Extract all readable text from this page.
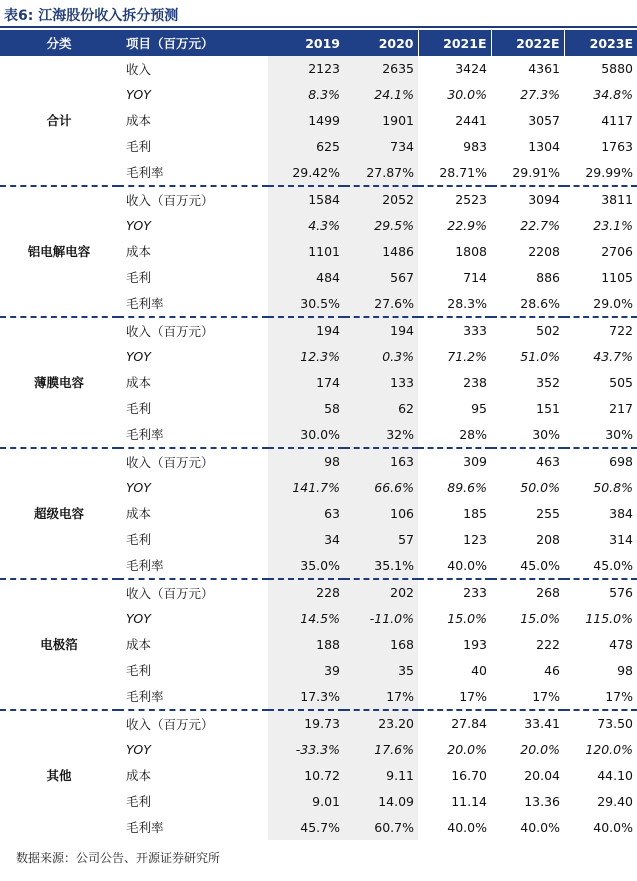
表6: 江海股份收入拆分预测
分类	项目（百万元）	2019	2020	2021E	2022E	2023E
合计	收入	2123	2635	3424	4361	5880
	YOY	8.3%	24.1%	30.0%	27.3%	34.8%
	成本	1499	1901	2441	3057	4117
	毛利	625	734	983	1304	1763
	毛利率	29.42%	27.87%	28.71%	29.91%	29.99%
铝电解电容	收入（百万元）	1584	2052	2523	3094	3811
	YOY	4.3%	29.5%	22.9%	22.7%	23.1%
	成本	1101	1486	1808	2208	2706
	毛利	484	567	714	886	1105
	毛利率	30.5%	27.6%	28.3%	28.6%	29.0%
薄膜电容	收入（百万元）	194	194	333	502	722
	YOY	12.3%	0.3%	71.2%	51.0%	43.7%
	成本	174	133	238	352	505
	毛利	58	62	95	151	217
	毛利率	30.0%	32%	28%	30%	30%
超级电容	收入（百万元）	98	163	309	463	698
	YOY	141.7%	66.6%	89.6%	50.0%	50.8%
	成本	63	106	185	255	384
	毛利	34	57	123	208	314
	毛利率	35.0%	35.1%	40.0%	45.0%	45.0%
电极箔	收入（百万元）	228	202	233	268	576
	YOY	14.5%	-11.0%	15.0%	15.0%	115.0%
	成本	188	168	193	222	478
	毛利	39	35	40	46	98
	毛利率	17.3%	17%	17%	17%	17%
其他	收入（百万元）	19.73	23.20	27.84	33.41	73.50
	YOY	-33.3%	17.6%	20.0%	20.0%	120.0%
	成本	10.72	9.11	16.70	20.04	44.10
	毛利	9.01	14.09	11.14	13.36	29.40
	毛利率	45.7%	60.7%	40.0%	40.0%	40.0%
数据来源：公司公告、开源证券研究所
